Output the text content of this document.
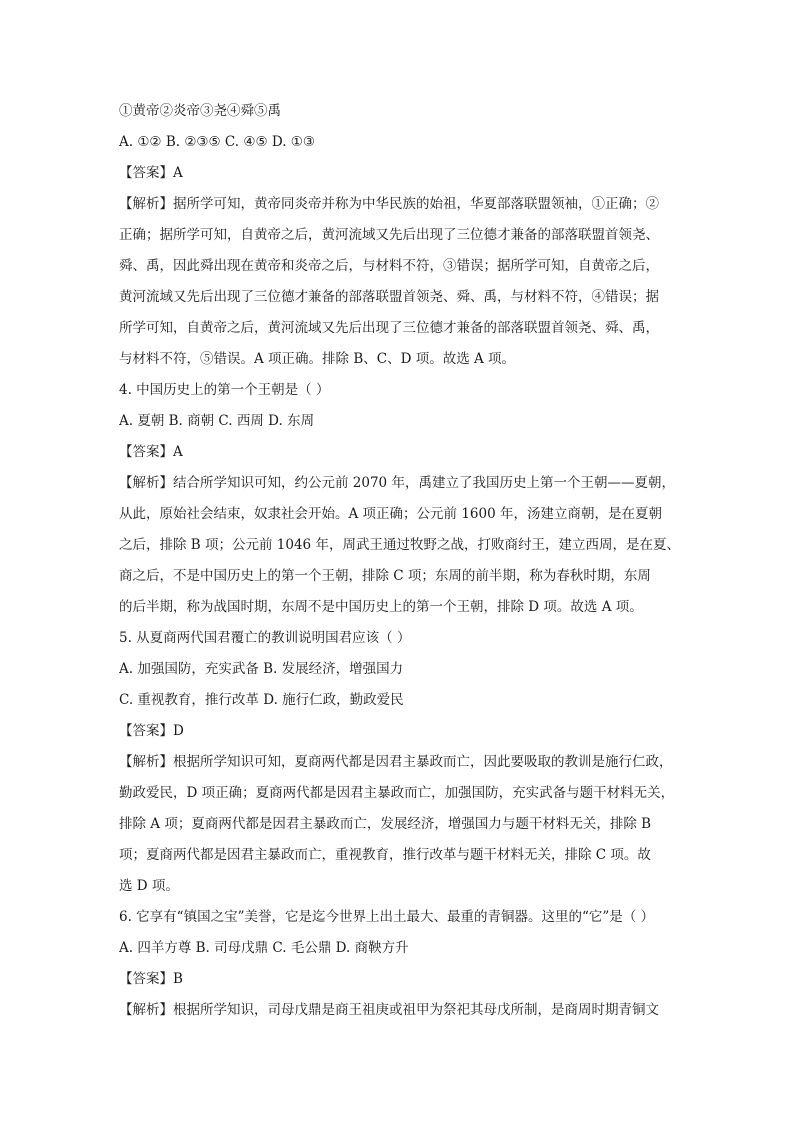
①黄帝②炎帝③尧④舜⑤禹
A. ①② B. ②③⑤ C. ④⑤ D. ①③
【答案】A
【解析】据所学可知，黄帝同炎帝并称为中华民族的始祖，华夏部落联盟领袖，①正确；②
正确；据所学可知，自黄帝之后，黄河流域又先后出现了三位德才兼备的部落联盟首领尧、
舜、禹，因此舜出现在黄帝和炎帝之后，与材料不符，③错误；据所学可知，自黄帝之后，
黄河流域又先后出现了三位德才兼备的部落联盟首领尧、舜、禹，与材料不符，④错误；据
所学可知，自黄帝之后，黄河流域又先后出现了三位德才兼备的部落联盟首领尧、舜、禹，
与材料不符，⑤错误。A 项正确。排除 B、C、D 项。故选 A 项。
4. 中国历史上的第一个王朝是（ ）
A. 夏朝 B. 商朝 C. 西周 D. 东周
【答案】A
【解析】结合所学知识可知，约公元前 2070 年，禹建立了我国历史上第一个王朝——夏朝，
从此，原始社会结束，奴隶社会开始。A 项正确；公元前 1600 年，汤建立商朝，是在夏朝
之后，排除 B 项；公元前 1046 年，周武王通过牧野之战，打败商纣王，建立西周，是在夏、
商之后，不是中国历史上的第一个王朝，排除 C 项；东周的前半期，称为春秋时期，东周
的后半期，称为战国时期，东周不是中国历史上的第一个王朝，排除 D 项。故选 A 项。
5. 从夏商两代国君覆亡的教训说明国君应该（ ）
A. 加强国防，充实武备 B. 发展经济，增强国力
C. 重视教育，推行改革 D. 施行仁政，勤政爱民
【答案】D
【解析】根据所学知识可知，夏商两代都是因君主暴政而亡，因此要吸取的教训是施行仁政，
勤政爱民，D 项正确；夏商两代都是因君主暴政而亡，加强国防，充实武备与题干材料无关，
排除 A 项；夏商两代都是因君主暴政而亡，发展经济，增强国力与题干材料无关，排除 B
项；夏商两代都是因君主暴政而亡，重视教育，推行改革与题干材料无关，排除 C 项。故
选 D 项。
6. 它享有“镇国之宝”美誉，它是迄今世界上出土最大、最重的青铜器。这里的“它”是（ ）
A. 四羊方尊 B. 司母戊鼎 C. 毛公鼎 D. 商鞅方升
【答案】B
【解析】根据所学知识，司母戊鼎是商王祖庚或祖甲为祭祀其母戊所制，是商周时期青铜文
